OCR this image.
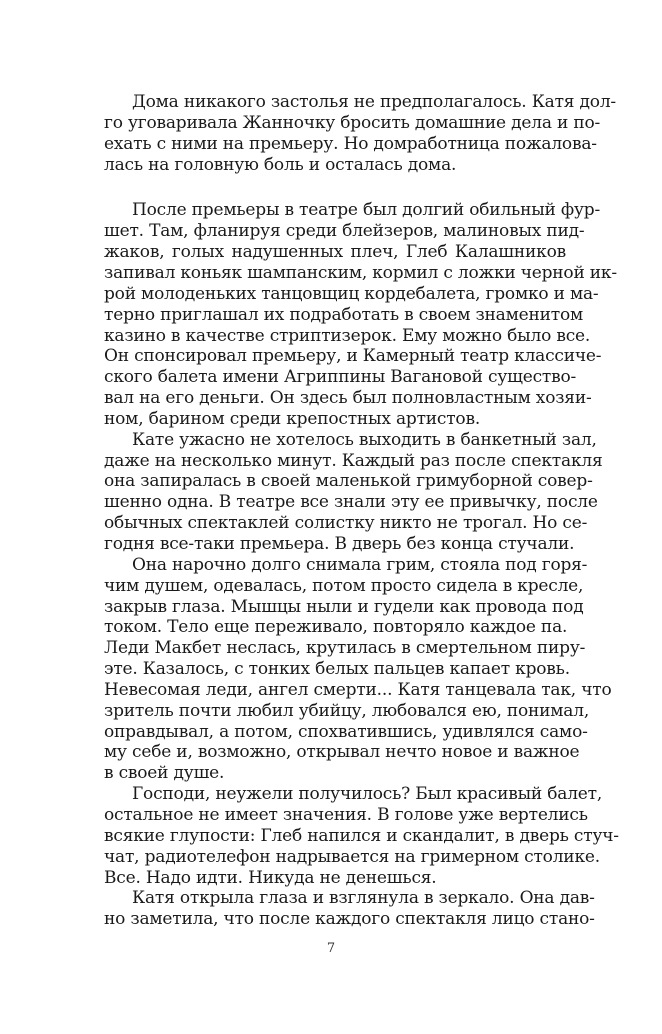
Дома никакого застолья не предполагалось. Катя дол-
го уговаривала Жанночку бросить домашние дела и по-
ехать с ними на премьеру. Но домработница пожалова-
лась на головную боль и осталась дома.
После премьеры в театре был долгий обильный фур-
шет. Там, фланируя среди блейзеров, малиновых пид-
жаков, голых надушенных плеч, Глеб Калашников
запивал коньяк шампанским, кормил с ложки черной ик-
рой молоденьких танцовщиц кордебалета, громко и ма-
терно приглашал их подработать в своем знаменитом
казино в качестве стриптизерок. Ему можно было все.
Он спонсировал премьеру, и Камерный театр классиче-
ского балета имени Агриппины Вагановой существо-
вал на его деньги. Он здесь был полновластным хозяи-
ном, барином среди крепостных артистов.
Кате ужасно не хотелось выходить в банкетный зал,
даже на несколько минут. Каждый раз после спектакля
она запиралась в своей маленькой гримуборной совер-
шенно одна. В театре все знали эту ее привычку, после
обычных спектаклей солистку никто не трогал. Но се-
годня все-таки премьера. В дверь без конца стучали.
Она нарочно долго снимала грим, стояла под горя-
чим душем, одевалась, потом просто сидела в кресле,
закрыв глаза. Мышцы ныли и гудели как провода под
током. Тело еще переживало, повторяло каждое па.
Леди Макбет неслась, крутилась в смертельном пиру-
эте. Казалось, с тонких белых пальцев капает кровь.
Невесомая леди, ангел смерти... Катя танцевала так, что
зритель почти любил убийцу, любовался ею, понимал,
оправдывал, а потом, спохватившись, удивлялся само-
му себе и, возможно, открывал нечто новое и важное
в своей душе.
Господи, неужели получилось? Был красивый балет,
остальное не имеет значения. В голове уже вертелись
всякие глупости: Глеб напился и скандалит, в дверь стуч-
чат, радиотелефон надрывается на гримерном столике.
Все. Надо идти. Никуда не денешься.
Катя открыла глаза и взглянула в зеркало. Она дав-
но заметила, что после каждого спектакля лицо стано-
7
